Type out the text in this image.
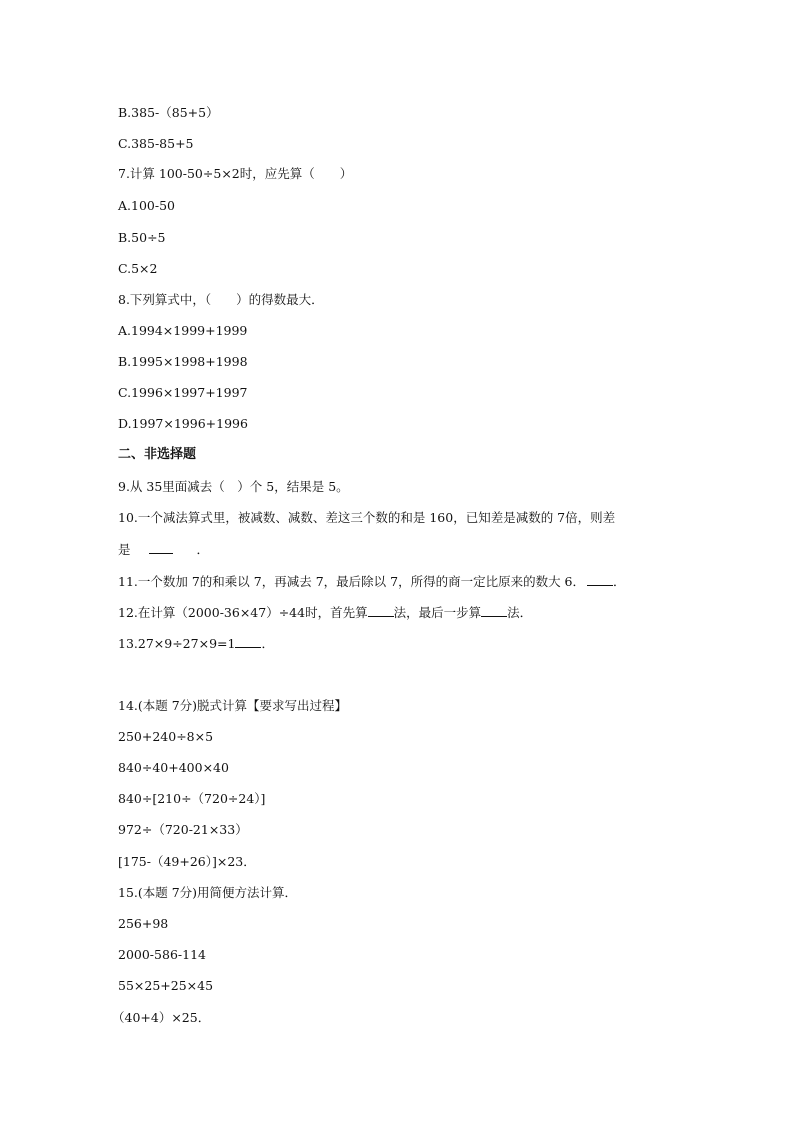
B.385-（85+5）
C.385-85+5
7.计算 100-50÷5×2时，应先算（　　）
A.100-50
B.50÷5
C.5×2
8.下列算式中，（　　）的得数最大．
A.1994×1999+1999
B.1995×1998+1998
C.1996×1997+1997
D.1997×1996+1996
二、非选择题
9.从 35里面减去（　）个 5，结果是 5。
10.一个减法算式里，被减数、减数、差这三个数的和是 160，已知差是减数的 7倍，则差
是	．
11.一个数加 7的和乘以 7，再减去 7，最后除以 7，所得的商一定比原来的数大 6． ．
12.在计算（2000-36×47）÷44时，首先算 法，最后一步算 法．
13.27×9÷27×9=1 ．
14.(本题 7分)脱式计算【要求写出过程】
250+240÷8×5
840÷40+400×40
840÷[210÷（720÷24）]
972÷（720-21×33）
[175-（49+26）]×23．
15.(本题 7分)用简便方法计算．
256+98
2000-586-114
55×25+25×45
（40+4）×25．
